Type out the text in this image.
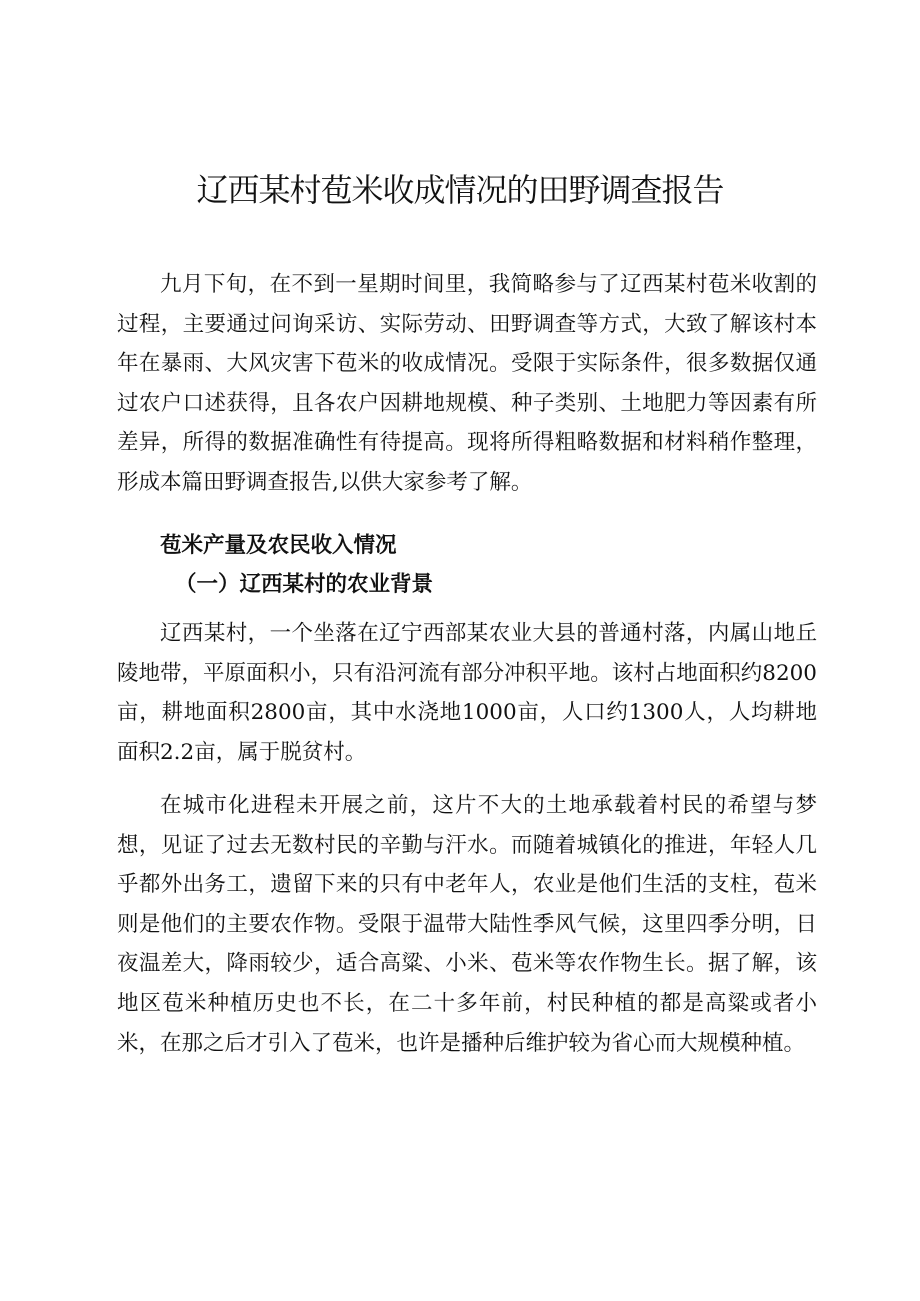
辽西某村苞米收成情况的田野调查报告

九月下旬，在不到一星期时间里，我简略参与了辽西某村苞米收割的过程，主要通过问询采访、实际劳动、田野调查等方式，大致了解该村本年在暴雨、大风灾害下苞米的收成情况。受限于实际条件，很多数据仅通过农户口述获得，且各农户因耕地规模、种子类别、土地肥力等因素有所差异，所得的数据准确性有待提高。现将所得粗略数据和材料稍作整理，形成本篇田野调查报告,以供大家参考了解。

苞米产量及农民收入情况
（一）辽西某村的农业背景

辽西某村，一个坐落在辽宁西部某农业大县的普通村落，内属山地丘陵地带，平原面积小，只有沿河流有部分冲积平地。该村占地面积约8200亩，耕地面积2800亩，其中水浇地1000亩，人口约1300人，人均耕地面积2.2亩，属于脱贫村。

在城市化进程未开展之前，这片不大的土地承载着村民的希望与梦想，见证了过去无数村民的辛勤与汗水。而随着城镇化的推进，年轻人几乎都外出务工，遗留下来的只有中老年人，农业是他们生活的支柱，苞米则是他们的主要农作物。受限于温带大陆性季风气候，这里四季分明，日夜温差大，降雨较少，适合高粱、小米、苞米等农作物生长。据了解，该地区苞米种植历史也不长，在二十多年前，村民种植的都是高粱或者小米，在那之后才引入了苞米，也许是播种后维护较为省心而大规模种植。
